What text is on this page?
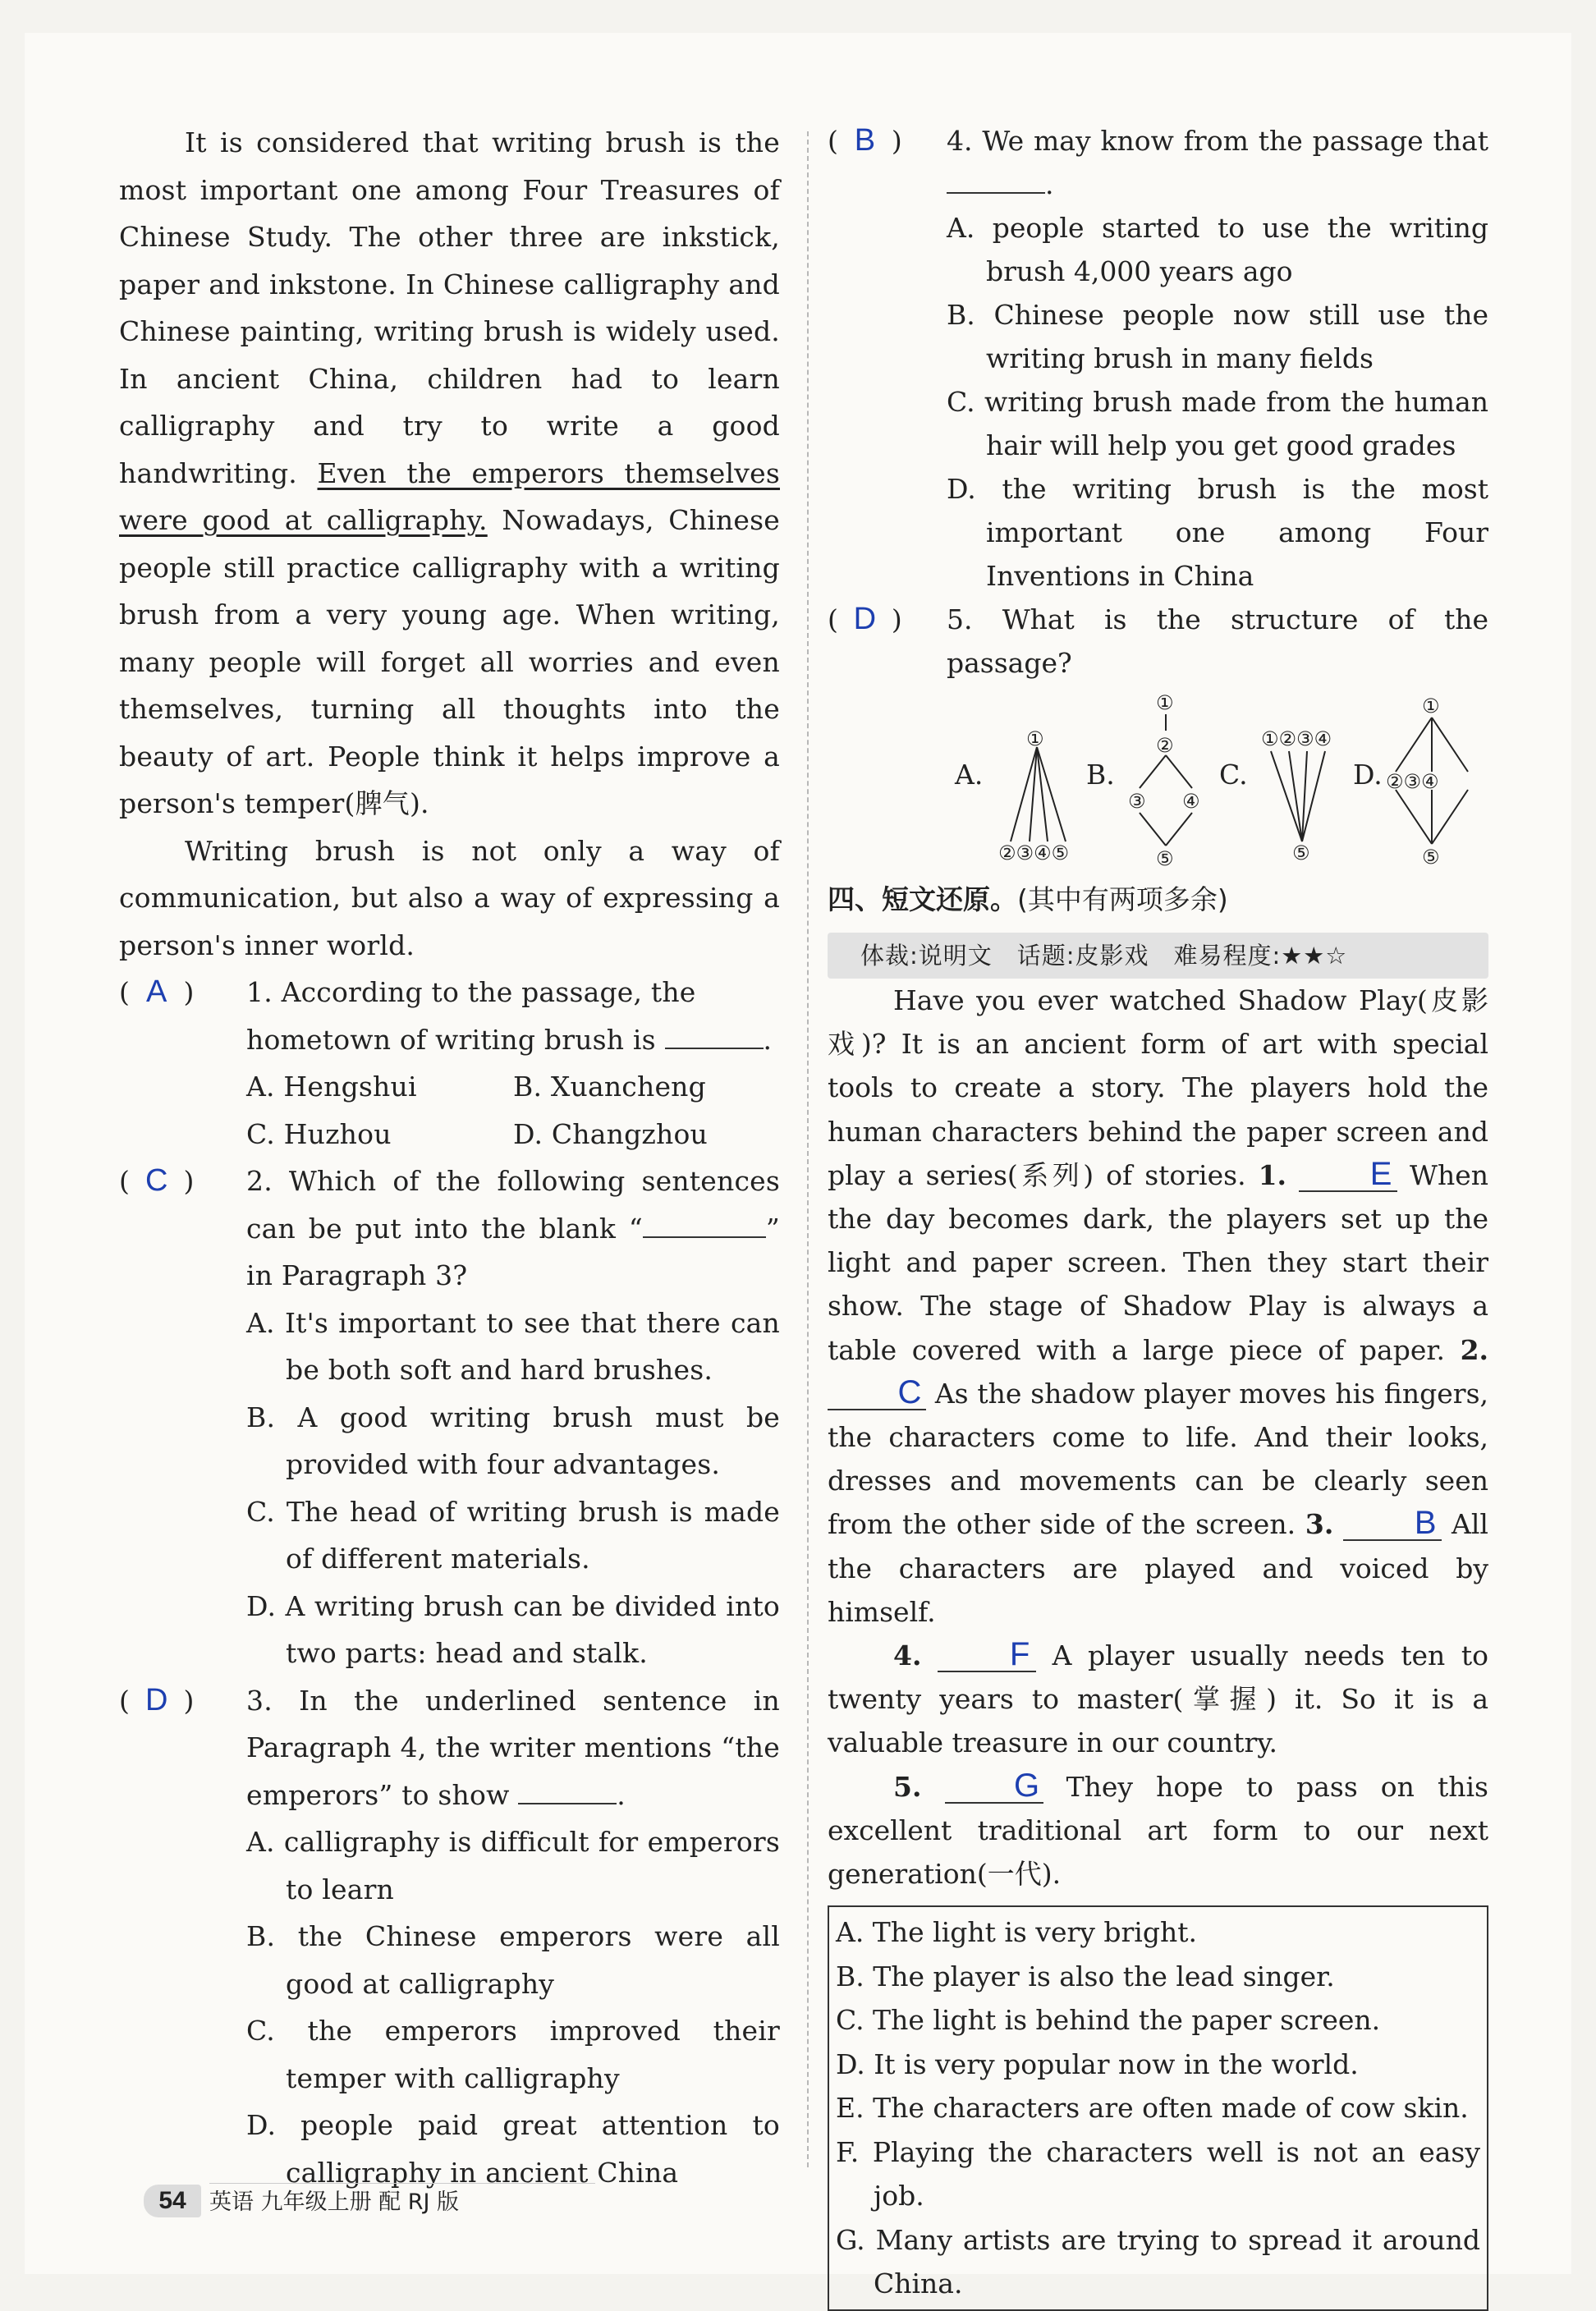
It is considered that writing brush is the most important one among Four Treasures of Chinese Study. The other three are inkstick, paper and inkstone. In Chinese calligraphy and Chinese painting, writing brush is widely used. In ancient China, children had to learn calligraphy and try to write a good handwriting. Even the emperors themselves were good at calligraphy. Nowadays, Chinese people still practice calligraphy with a writing brush from a very young age. When writing, many people will forget all worries and even themselves, turning all thoughts into the beauty of art. People think it helps improve a person's temper(脾气).

Writing brush is not only a way of communication, but also a way of expressing a person's inner world.

( A ) 1. According to the passage, the hometown of writing brush is	.
A. Hengshui	B. Xuancheng
C. Huzhou	D. Changzhou
( C ) 2. Which of the following sentences can be put into the blank “	” in Paragraph 3?

A. It's important to see that there can be both soft and hard brushes.

B. A good writing brush must be provided with four advantages.

C. The head of writing brush is made of different materials.

D. A writing brush can be divided into two parts: head and stalk.

( D ) 3. In the underlined sentence in Paragraph 4, the writer mentions “the emperors” to show	.

A. calligraphy is difficult for emperors to learn

B. the Chinese emperors were all good at calligraphy

C. the emperors improved their temper with calligraphy

D. people paid great attention to calligraphy in ancient China

( B ) 4. We may know from the passage that .

A. people started to use the writing brush 4,000 years ago

B. Chinese people now still use the writing brush in many fields

C. writing brush made from the human hair will help you get good grades

D. the writing brush is the most important one among Four Inventions in China

( D ) 5. What is the structure of the passage?

A.	B.	C.	D.
①
②③④⑤
①
②
③ ④
⑤
①②③④
⑤
①
②③④
⑤
四、短文还原。(其中有两项多余)
体裁:说明文　话题:皮影戏　难易程度:★★☆

Have you ever watched Shadow Play(皮影戏)? It is an ancient form of art with special tools to create a story. The players hold the human characters behind the paper screen and play a series(系列) of stories. 1.	E When the day becomes dark, the players set up the light and paper screen. Then they start their show. The stage of Shadow Play is always a table covered with a large piece of paper. 2. C As the shadow player moves his fingers, the characters come to life. And their looks, dresses and movements can be clearly seen from the other side of the screen. 3. B All the characters are played and voiced by himself.

4.	F A player usually needs ten to twenty years to master(掌握) it. So it is a valuable treasure in our country.

5.	G They hope to pass on this excellent traditional art form to our next generation(一代).

A. The light is very bright.

B. The player is also the lead singer.

C. The light is behind the paper screen.

D. It is very popular now in the world.

E. The characters are often made of cow skin.

F. Playing the characters well is not an easy job.

G. Many artists are trying to spread it around China.

54	英语 九年级上册 配 RJ 版
